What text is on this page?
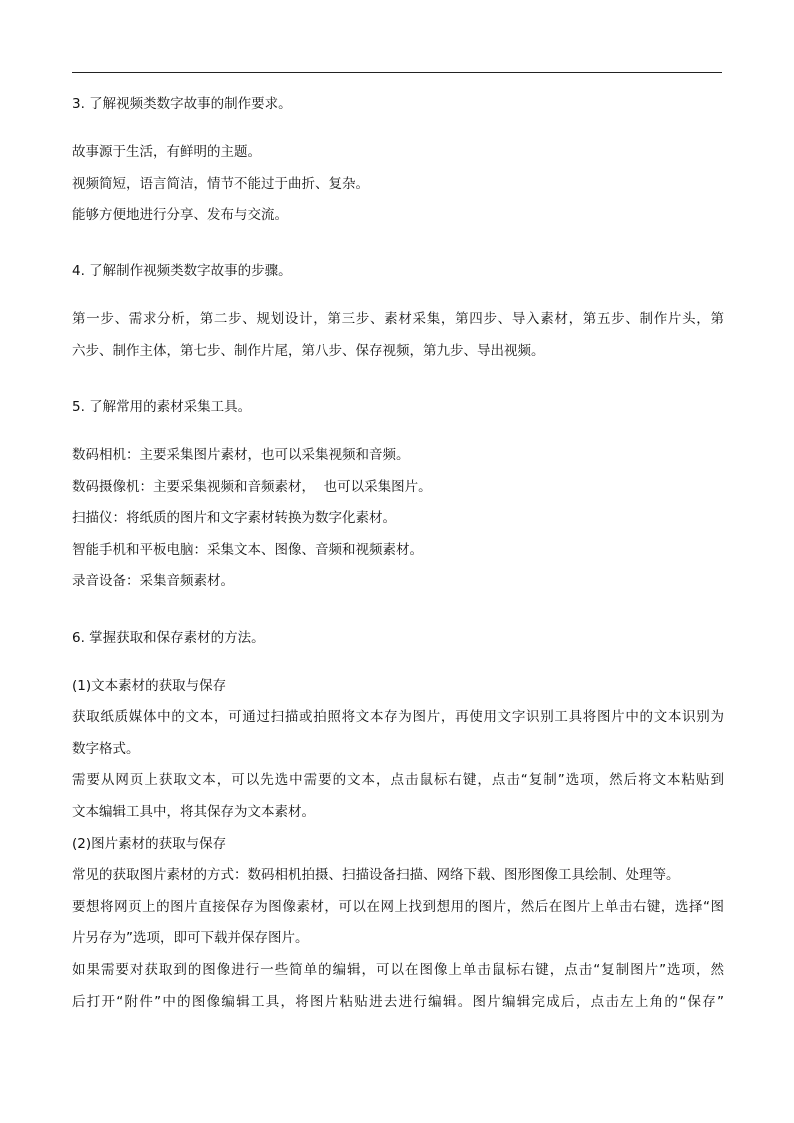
3. 了解视频类数字故事的制作要求。
故事源于生活，有鲜明的主题。
视频简短，语言简洁，情节不能过于曲折、复杂。
能够方便地进行分享、发布与交流。
4. 了解制作视频类数字故事的步骤。
第一步、需求分析，第二步、规划设计，第三步、素材采集，第四步、导入素材，第五步、制作片头，第
六步、制作主体，第七步、制作片尾，第八步、保存视频，第九步、导出视频。
5. 了解常用的素材采集工具。
数码相机：主要采集图片素材，也可以采集视频和音频。
数码摄像机：主要采集视频和音频素材，  也可以采集图片。
扫描仪：将纸质的图片和文字素材转换为数字化素材。
智能手机和平板电脑：采集文本、图像、音频和视频素材。
录音设备：采集音频素材。
6. 掌握获取和保存素材的方法。
(1)文本素材的获取与保存
获取纸质媒体中的文本，可通过扫描或拍照将文本存为图片，再使用文字识别工具将图片中的文本识别为
数字格式。
需要从网页上获取文本，可以先选中需要的文本，点击鼠标右键，点击“复制”选项，然后将文本粘贴到
文本编辑工具中，将其保存为文本素材。
(2)图片素材的获取与保存
常见的获取图片素材的方式：数码相机拍摄、扫描设备扫描、网络下载、图形图像工具绘制、处理等。
要想将网页上的图片直接保存为图像素材，可以在网上找到想用的图片，然后在图片上单击右键，选择“图
片另存为”选项，即可下载并保存图片。
如果需要对获取到的图像进行一些简单的编辑，可以在图像上单击鼠标右键，点击“复制图片”选项，然
后打开“附件”中的图像编辑工具，将图片粘贴进去进行编辑。图片编辑完成后，点击左上角的“保存”
